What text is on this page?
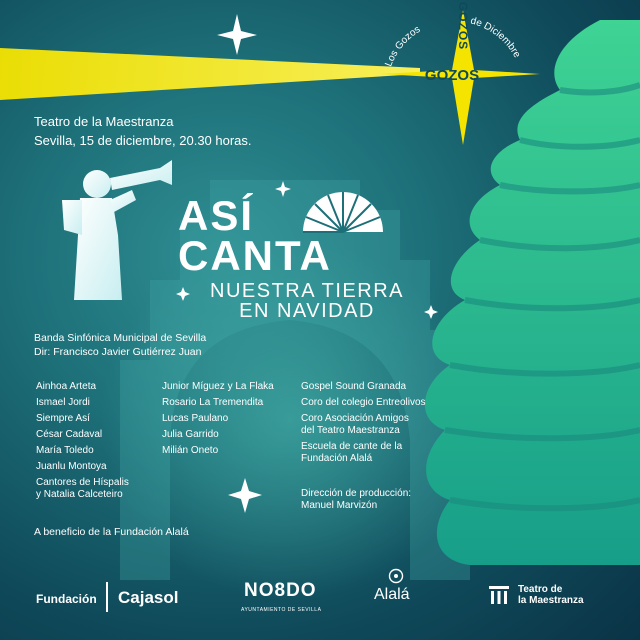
Los Gozos
de Diciembre
GOZOS
GOZOS
Teatro de la Maestranza
Sevilla, 15 de diciembre, 20.30 horas.
ASÍ
CANTA
NUESTRA TIERRA
EN NAVIDAD
Banda Sinfónica Municipal de Sevilla
Dir: Francisco Javier Gutiérrez Juan
Ainhoa Arteta
Ismael Jordi
Siempre Así
César Cadaval
María Toledo
Juanlu Montoya
Cantores de Híspalis
y Natalia Calceteiro
Junior Míguez y La Flaka
Rosario La Tremendita
Lucas Paulano
Julia Garrido
Milián Oneto
Gospel Sound Granada
Coro del colegio Entreolivos
Coro Asociación Amigos
del Teatro Maestranza
Escuela de cante de la
Fundación Alalá
Dirección de producción:
Manuel Marvizón
A beneficio de la Fundación Alalá
Fundación Cajasol	NO8DO
AYUNTAMIENTO DE SEVILLA
Alalá	Teatro de
la Maestranza
